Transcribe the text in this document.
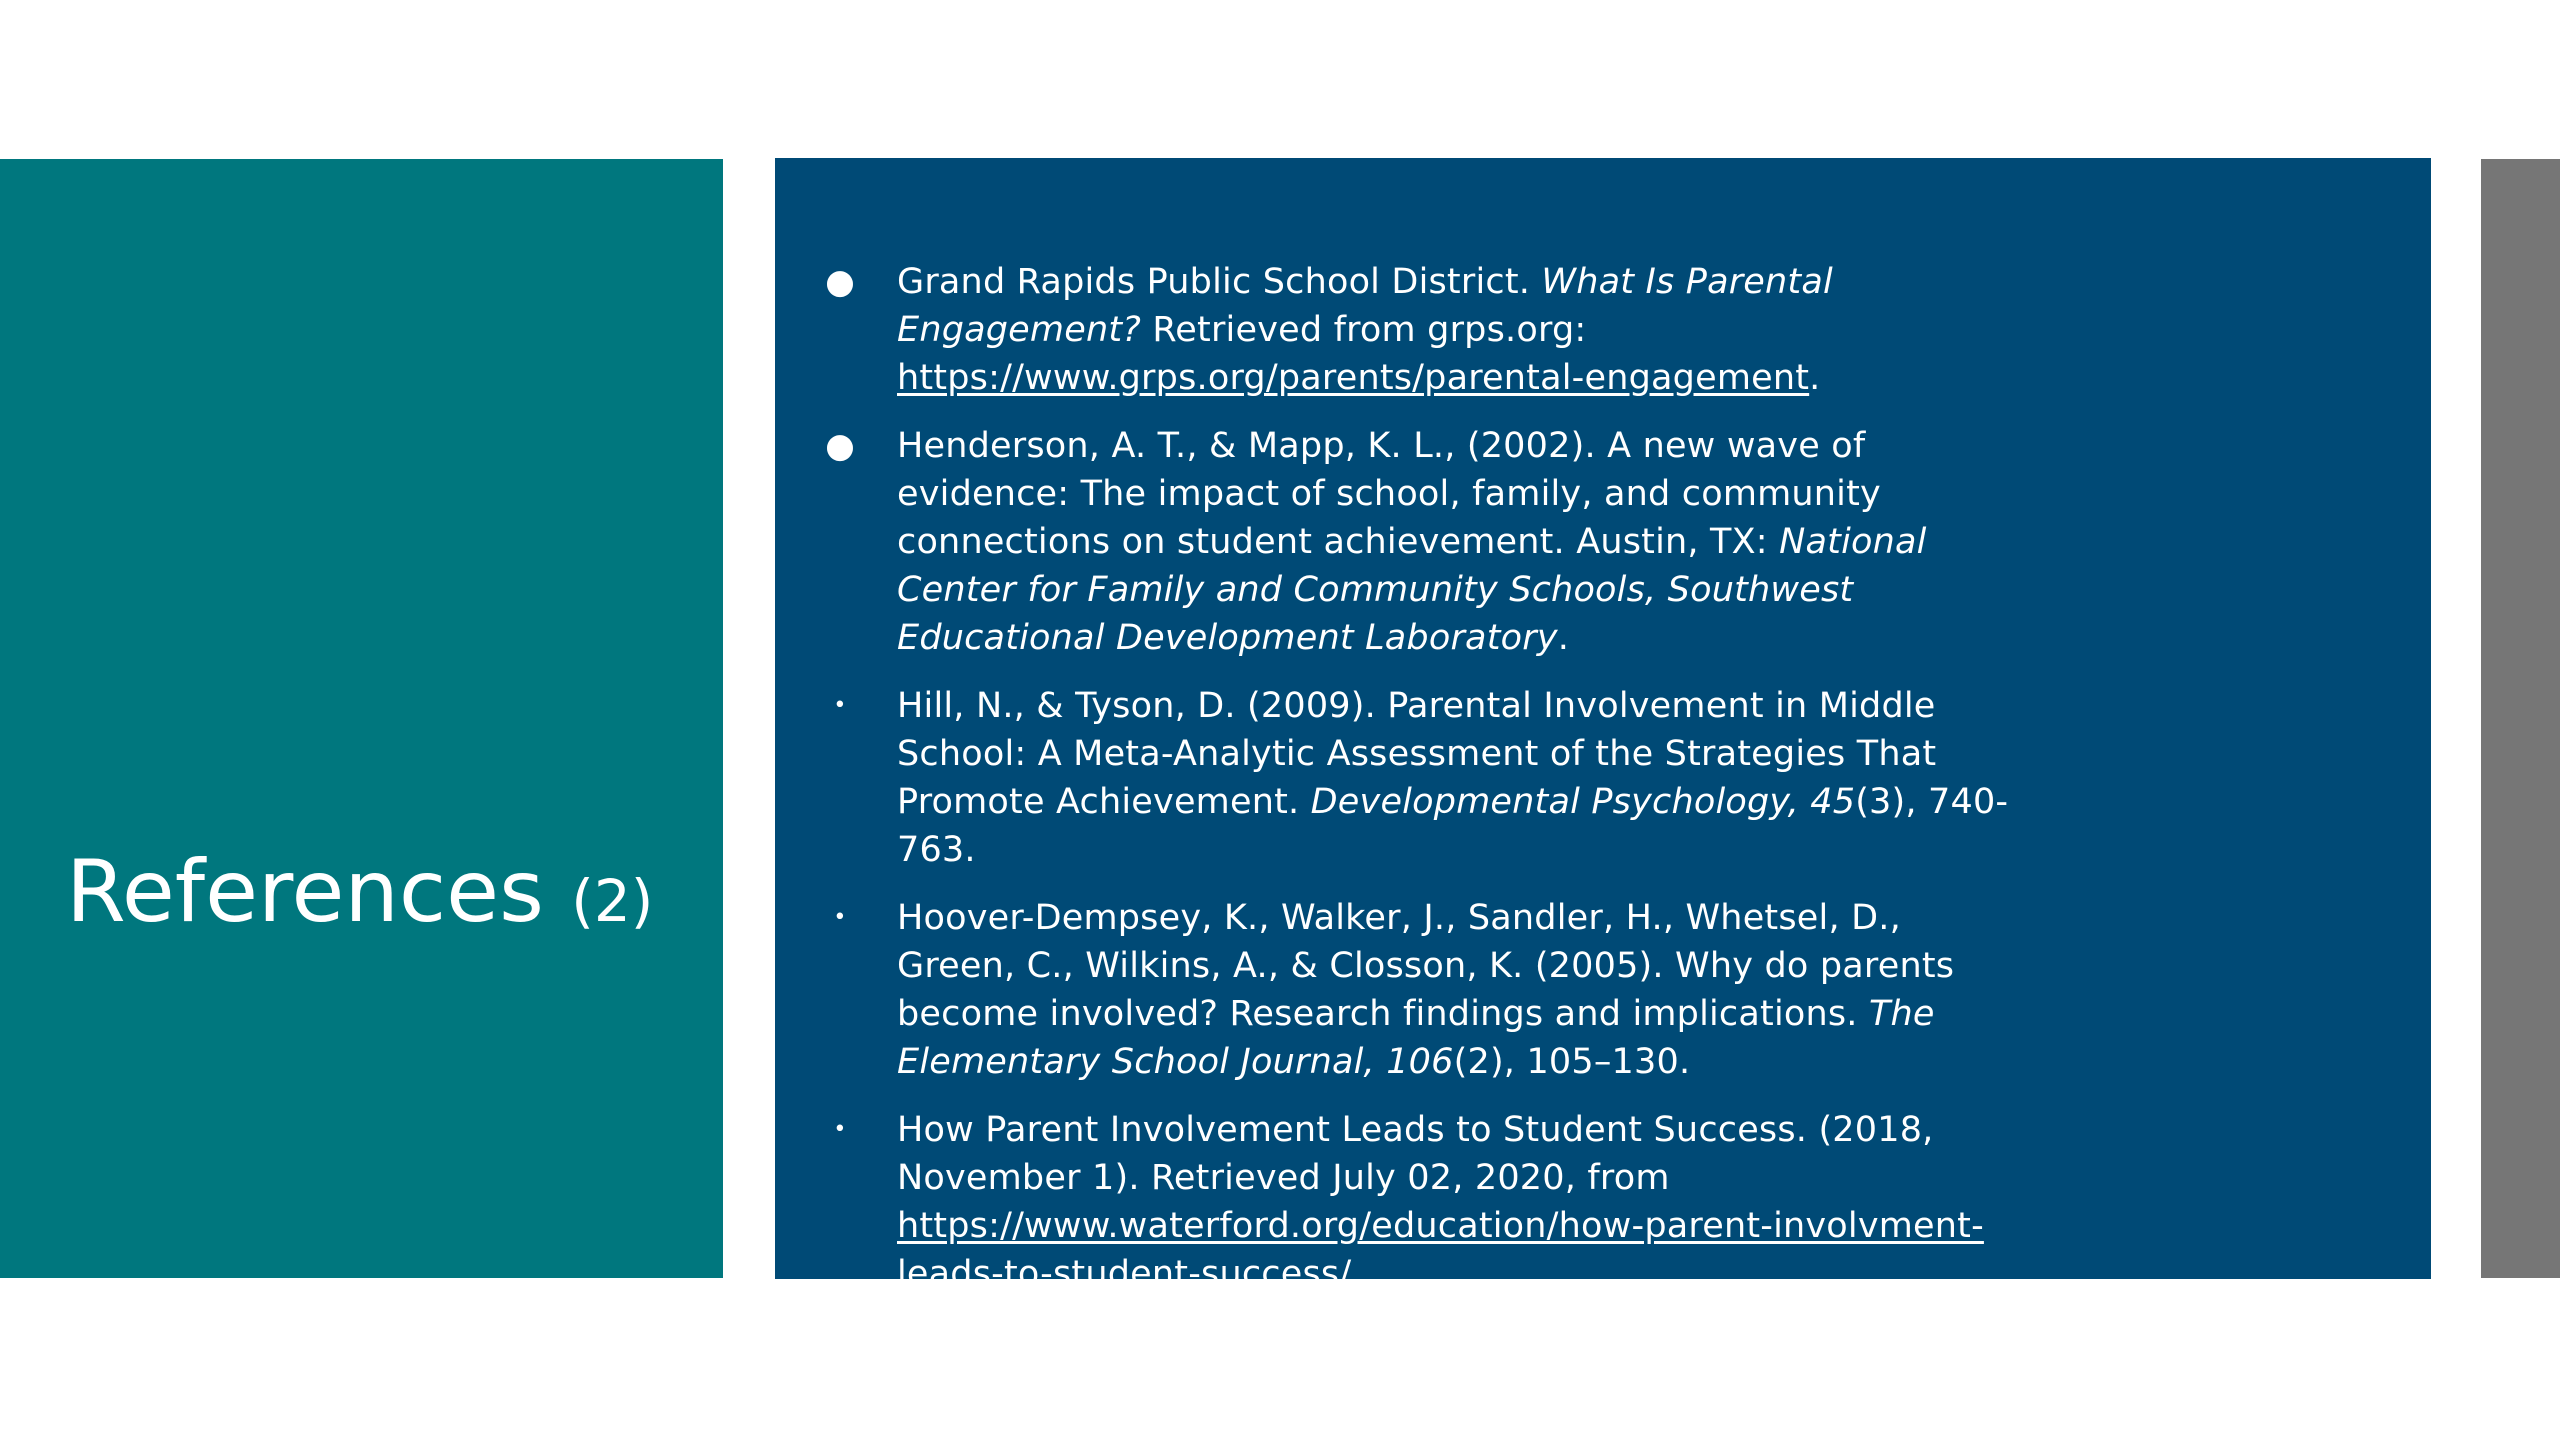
References (2)
● Grand Rapids Public School District. What Is Parental Engagement? Retrieved from grps.org: https://www.grps.org/parents/parental-engagement.
● Henderson, A. T., & Mapp, K. L., (2002). A new wave of evidence: The impact of school, family, and community connections on student achievement. Austin, TX: National Center for Family and Community Schools, Southwest Educational Development Laboratory.
• Hill, N., & Tyson, D. (2009). Parental Involvement in Middle School: A Meta-Analytic Assessment of the Strategies That Promote Achievement. Developmental Psychology, 45(3), 740-763.
• Hoover-Dempsey, K., Walker, J., Sandler, H., Whetsel, D., Green, C., Wilkins, A., & Closson, K. (2005). Why do parents become involved? Research findings and implications. The Elementary School Journal, 106(2), 105–130.
• How Parent Involvement Leads to Student Success. (2018, November 1). Retrieved July 02, 2020, from https://www.waterford.org/education/how-parent-involvment-leads-to-student-success/
